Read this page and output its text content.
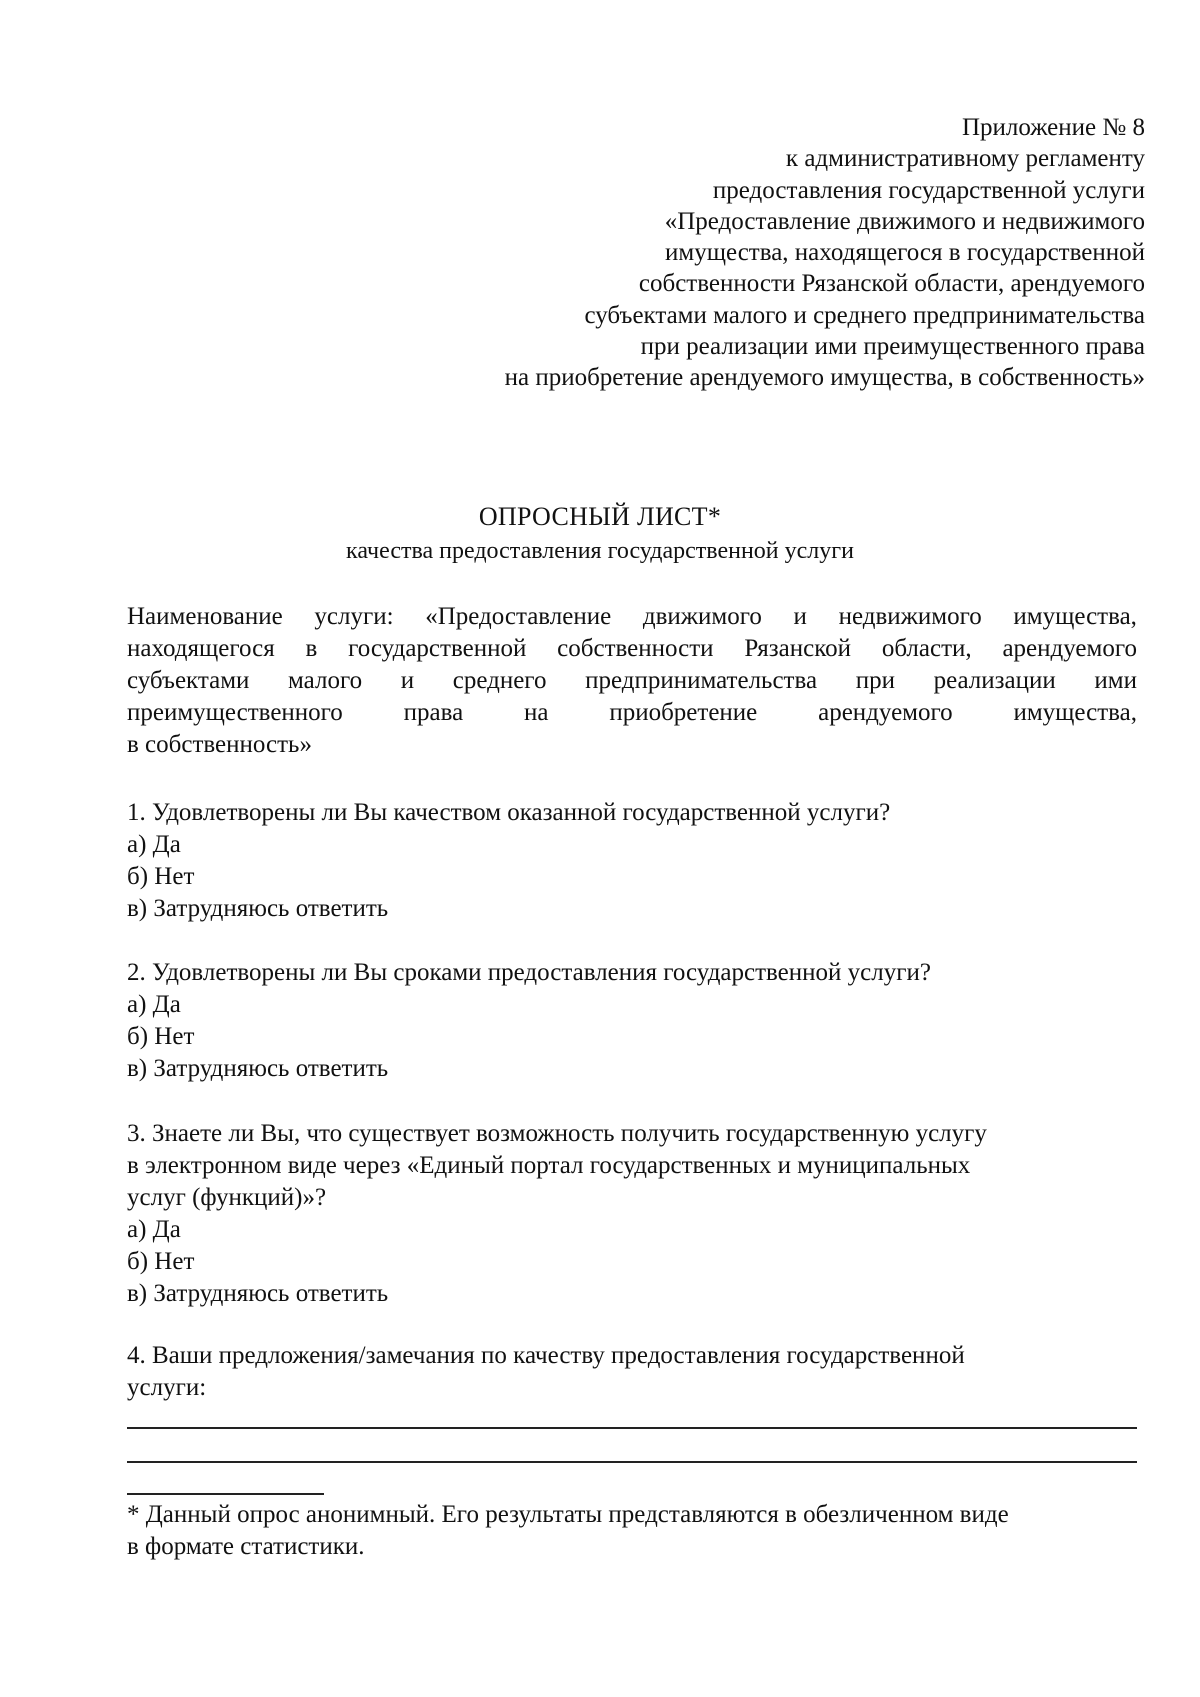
Приложение № 8
к административному регламенту
предоставления государственной услуги
«Предоставление движимого и недвижимого
имущества, находящегося в государственной
собственности Рязанской области, арендуемого
субъектами малого и среднего предпринимательства
при реализации ими преимущественного права
на приобретение арендуемого имущества, в собственность»
ОПРОСНЫЙ ЛИСТ*
качества предоставления государственной услуги
Наименование услуги: «Предоставление движимого и недвижимого имущества,
находящегося в государственной собственности Рязанской области, арендуемого
субъектами малого и среднего предпринимательства при реализации ими
преимущественного права на приобретение арендуемого имущества,
в собственность»
1. Удовлетворены ли Вы качеством оказанной государственной услуги?
а) Да
б) Нет
в) Затрудняюсь ответить
2. Удовлетворены ли Вы сроками предоставления государственной услуги?
а) Да
б) Нет
в) Затрудняюсь ответить
3. Знаете ли Вы, что существует возможность получить государственную услугу
в электронном виде через «Единый портал государственных и муниципальных
услуг (функций)»?
а) Да
б) Нет
в) Затрудняюсь ответить
4. Ваши предложения/замечания по качеству предоставления государственной
услуги:
* Данный опрос анонимный. Его результаты представляются в обезличенном виде
в формате статистики.
